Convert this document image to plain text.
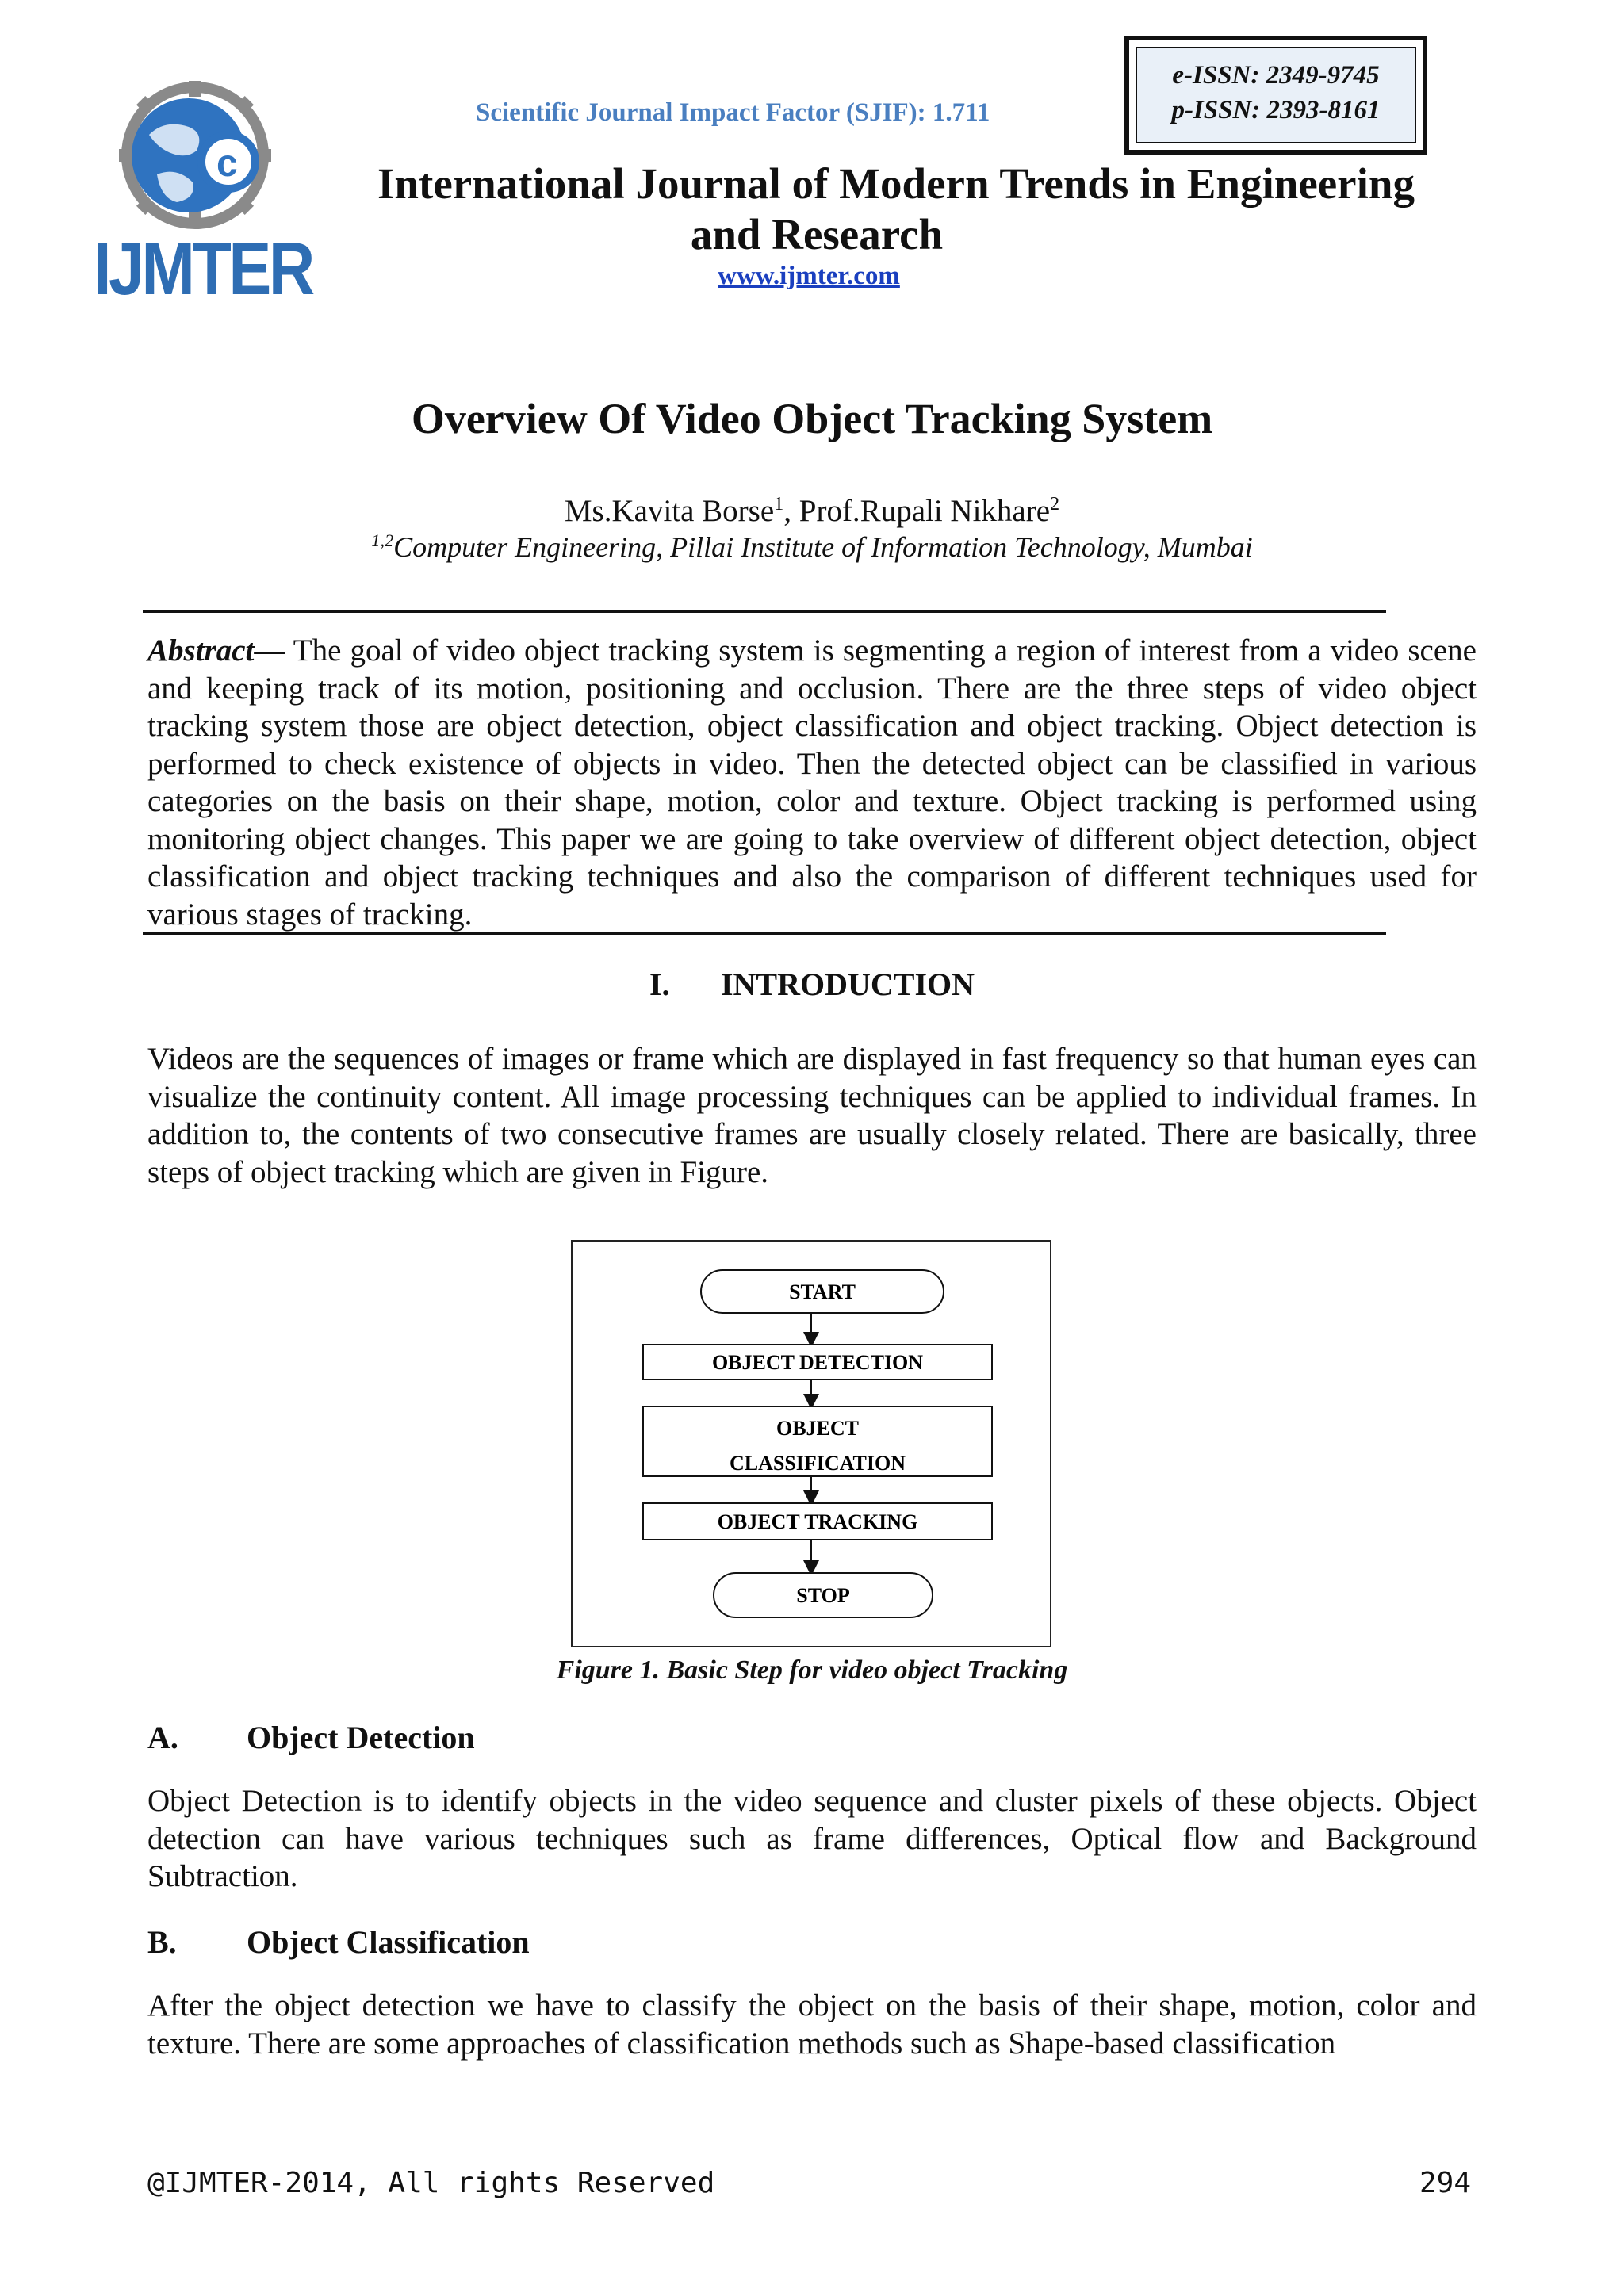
c
IJMTER
Scientific Journal Impact Factor (SJIF): 1.711
e-ISSN: 2349-9745
p-ISSN: 2393-8161
International Journal of Modern Trends in Engineering
and Research
www.ijmter.com
Overview Of Video Object Tracking System
Ms.Kavita Borse$^1$, Prof.Rupali Nikhare$^2$
$^{1,2}$Computer Engineering, Pillai Institute of Information Technology, Mumbai
Abstract— The goal of video object tracking system is segmenting a region of interest from a video scene and keeping track of its motion, positioning and occlusion. There are the three steps of video object tracking system those are object detection, object classification and object tracking. Object detection is performed to check existence of objects in video. Then the detected object can be classified in various categories on the basis on their shape, motion, color and texture. Object tracking is performed using monitoring object changes. This paper we are going to take overview of different object detection, object classification and object tracking techniques and also the comparison of different techniques used for various stages of tracking.
I. INTRODUCTION
Videos are the sequences of images or frame which are displayed in fast frequency so that human eyes can visualize the continuity content. All image processing techniques can be applied to individual frames. In addition to, the contents of two consecutive frames are usually closely related. There are basically, three steps of object tracking which are given in Figure.
START
OBJECT DETECTION
OBJECT
CLASSIFICATION
OBJECT TRACKING
STOP
Figure 1. Basic Step for video object Tracking
A. Object Detection
Object Detection is to identify objects in the video sequence and cluster pixels of these objects. Object detection can have various techniques such as frame differences, Optical flow and Background Subtraction.
B. Object Classification
After the object detection we have to classify the object on the basis of their shape, motion, color and texture. There are some approaches of classification methods such as Shape-based classification
@IJMTER-2014, All rights Reserved	294
